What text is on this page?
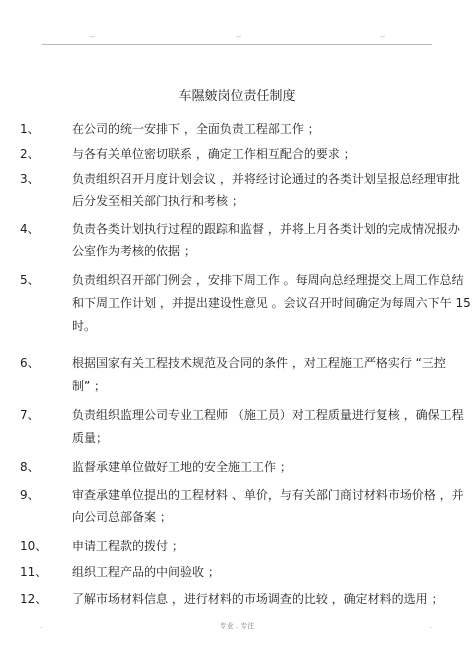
--	--	--
车隰皴岗位责任制度
1、	在公司的统一安排下 ，全面负责工程部工作 ；
2、	与各有关单位密切联系 ，确定工作相互配合的要求 ；
3、	负责组织召开月度计划会议 ，并将经讨论通过的各类计划呈报总经理审批
后分发至相关部门执行和考核 ；
4、	负责各类计划执行过程的跟踪和监督 ，并将上月各类计划的完成情况报办
公室作为考核的依据 ；
5、	负责组织召开部门例会 ，安排下周工作 。每周向总经理提交上周工作总结
和下周工作计划 ，并提出建设性意见 。会议召开时间确定为每周六下午 15
时。
6、	根据国家有关工程技术规范及合同的条件 ，对工程施工严格实行 “三控
制” ；
7、	负责组织监理公司专业工程师 （施工员）对工程质量进行复核 ，确保工程
质量；
8、	监督承建单位做好工地的安全施工工作 ；
9、	审查承建单位提出的工程材料 、单价，与有关部门商讨材料市场价格 ，并
向公司总部备案 ；
10、 申请工程款的拨付 ；
11、 组织工程产品的中间验收 ；
12、 了解市场材料信息 ，进行材料的市场调查的比较 ，确定材料的选用 ；
.	专业 . 专注	.
